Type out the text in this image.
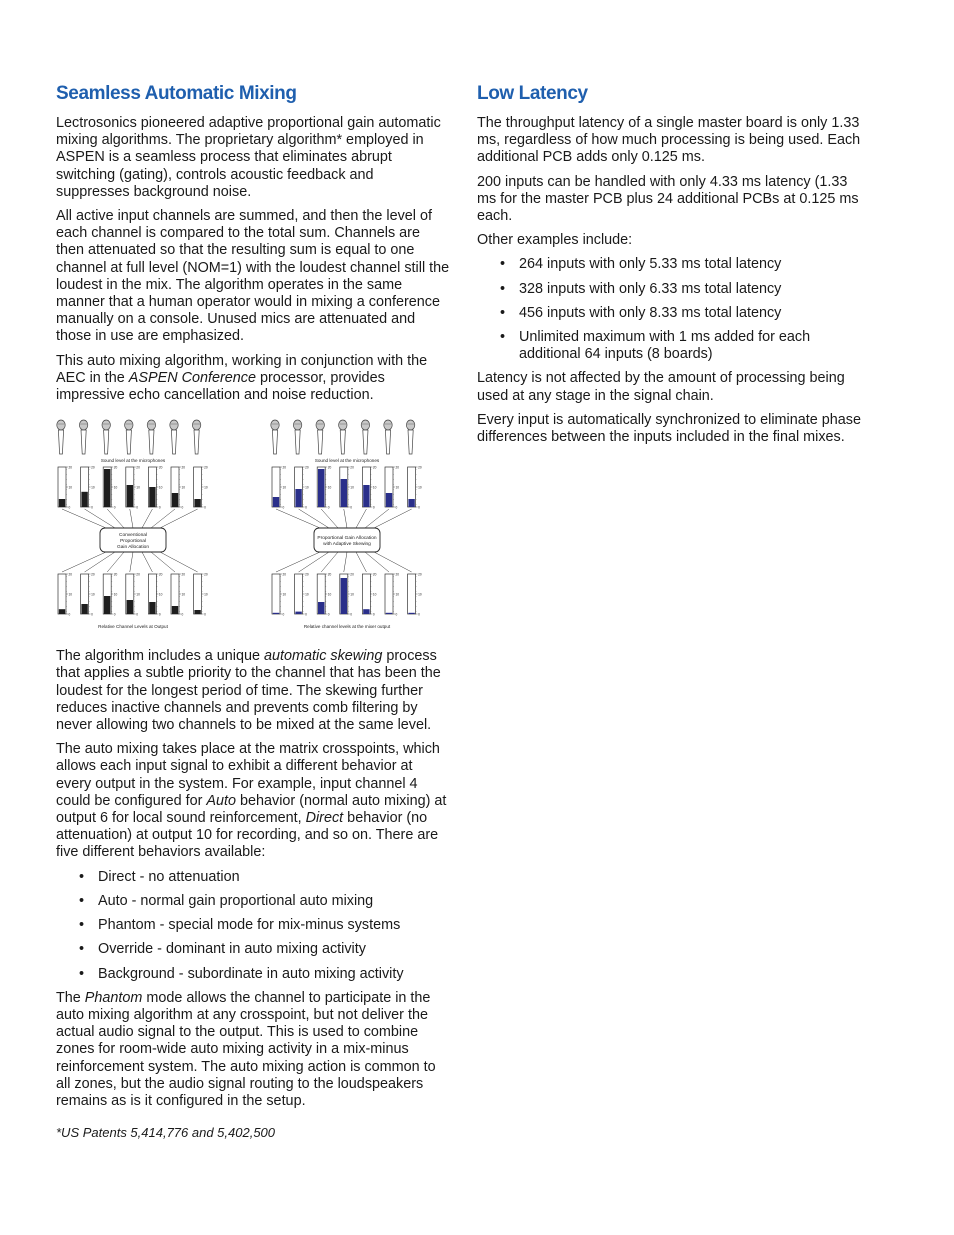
Seamless Automatic Mixing

Lectrosonics pioneered adaptive proportional gain automatic mixing algorithms. The proprietary algorithm* employed in ASPEN is a seamless process that eliminates abrupt switching (gating), controls acoustic feedback and suppresses background noise.

All active input channels are summed, and then the level of each channel is compared to the total sum. Channels are then attenuated so that the resulting sum is equal to one channel at full level (NOM=1) with the loudest channel still the loudest in the mix. The algorithm operates in the same manner that a human operator would in mixing a conference manually on a console. Unused mics are attenuated and those in use are emphasized.

This auto mixing algorithm, working in conjunction with the AEC in the ASPEN Conference processor, provides impressive echo cancellation and noise reduction.

Sound level at the microphones
20
10
0
20
10
0
20
10
0
20
10
0
20
10
0
20
10
0
20
10
0
Conventional
Proportional
Gain Allocation
20
10
0
20
10
0
20
10
0
20
10
0
20
10
0
20
10
0
20
10
0
Relative Channel Levels at Output
Sound level at the microphones
20
10
0
20
10
0
20
10
0
20
10
0
20
10
0
20
10
0
20
10
0
Proportional Gain Allocation
with Adaptive Skewing
20
10
0
20
10
0
20
10
0
20
10
0
20
10
0
20
10
0
20
10
0
Relative channel levels at the mixer output

The algorithm includes a unique automatic skewing process that applies a subtle priority to the channel that has been the loudest for the longest period of time. The skewing further reduces inactive channels and prevents comb filtering by never allowing two channels to be mixed at the same level.

The auto mixing takes place at the matrix crosspoints, which allows each input signal to exhibit a different behavior at every output in the system. For example, input channel 4 could be configured for Auto behavior (normal auto mixing) at output 6 for local sound reinforcement, Direct behavior (no attenuation) at output 10 for recording, and so on. There are five different behaviors available:

• Direct - no attenuation
• Auto - normal gain proportional auto mixing
• Phantom - special mode for mix-minus systems
• Override - dominant in auto mixing activity
• Background - subordinate in auto mixing activity

The Phantom mode allows the channel to participate in the auto mixing algorithm at any crosspoint, but not deliver the actual audio signal to the output. This is used to combine zones for room-wide auto mixing activity in a mix-minus reinforcement system. The auto mixing action is common to all zones, but the audio signal routing to the loudspeakers remains as is it configured in the setup.

*US Patents 5,414,776 and 5,402,500

Low Latency

The throughput latency of a single master board is only 1.33 ms, regardless of how much processing is being used. Each additional PCB adds only 0.125 ms.

200 inputs can be handled with only 4.33 ms latency (1.33 ms for the master PCB plus 24 additional PCBs at 0.125 ms each.

Other examples include:

• 264 inputs with only 5.33 ms total latency
• 328 inputs with only 6.33 ms total latency
• 456 inputs with only 8.33 ms total latency
• Unlimited maximum with 1 ms added for each additional 64 inputs (8 boards)

Latency is not affected by the amount of processing being used at any stage in the signal chain.

Every input is automatically synchronized to eliminate phase differences between the inputs included in the final mixes.
